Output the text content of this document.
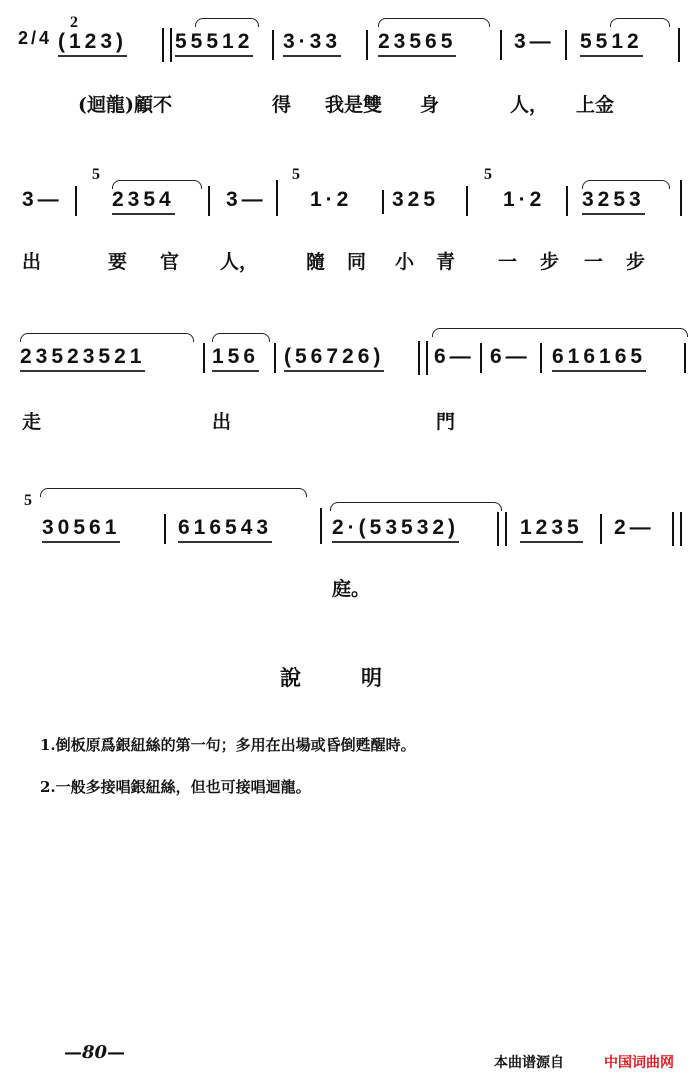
2/4
2
(123) 55512 3·33 23565	3— 5512
(迴龍)顧不	得 我是雙 身	人， 上金
3—
5
2354 3—
5
1·2 325
5
1·2 3253
出	要 官 人，	隨 同 小 青 一 步 一 步
23523521	156 (56726) 6— 6— 616165
走	出	門
5
30561	616543	2·(53532)	1235 2—
庭。
說明
1.倒板原爲銀紐絲的第一句；多用在出場或昏倒甦醒時。
2.一般多接唱銀紐絲，但也可接唱迴龍。
—80—	本曲谱源自	中国词曲网
